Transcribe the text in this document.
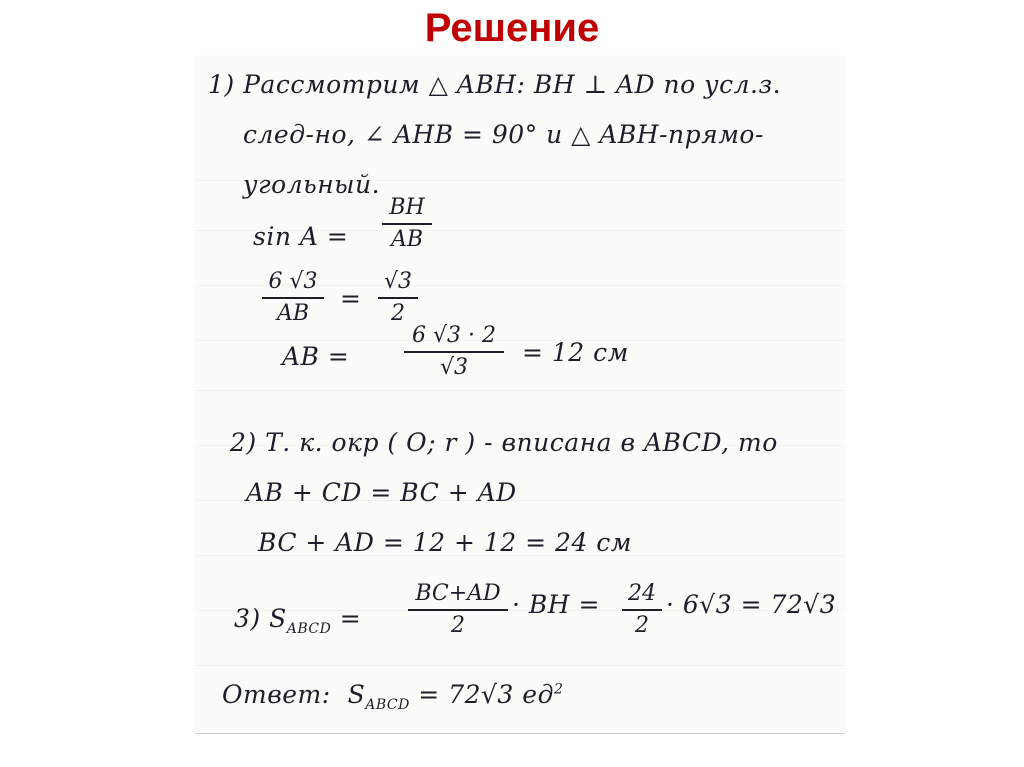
Решение
1) Рассмотрим △ ABH: BH ⊥ AD по усл.з.
след-но, ∠ AHB = 90° и △ ABH-прямо-
угольный.
sin A =
BH
AB
6 √3
AB
=
√3
2
AB =
6 √3 · 2
√3
= 12 см
2) Т. к. окр ( O; r ) - вписана в ABCD, то
AB + CD = BC + AD
BC + AD = 12 + 12 = 24 см
3) $S_{ABCD}$ =
BC+AD
2
· BH = 24
2
· 6√3 = 72√3
Ответ: $S_{ABCD} = 72√3$ $ед^2$
